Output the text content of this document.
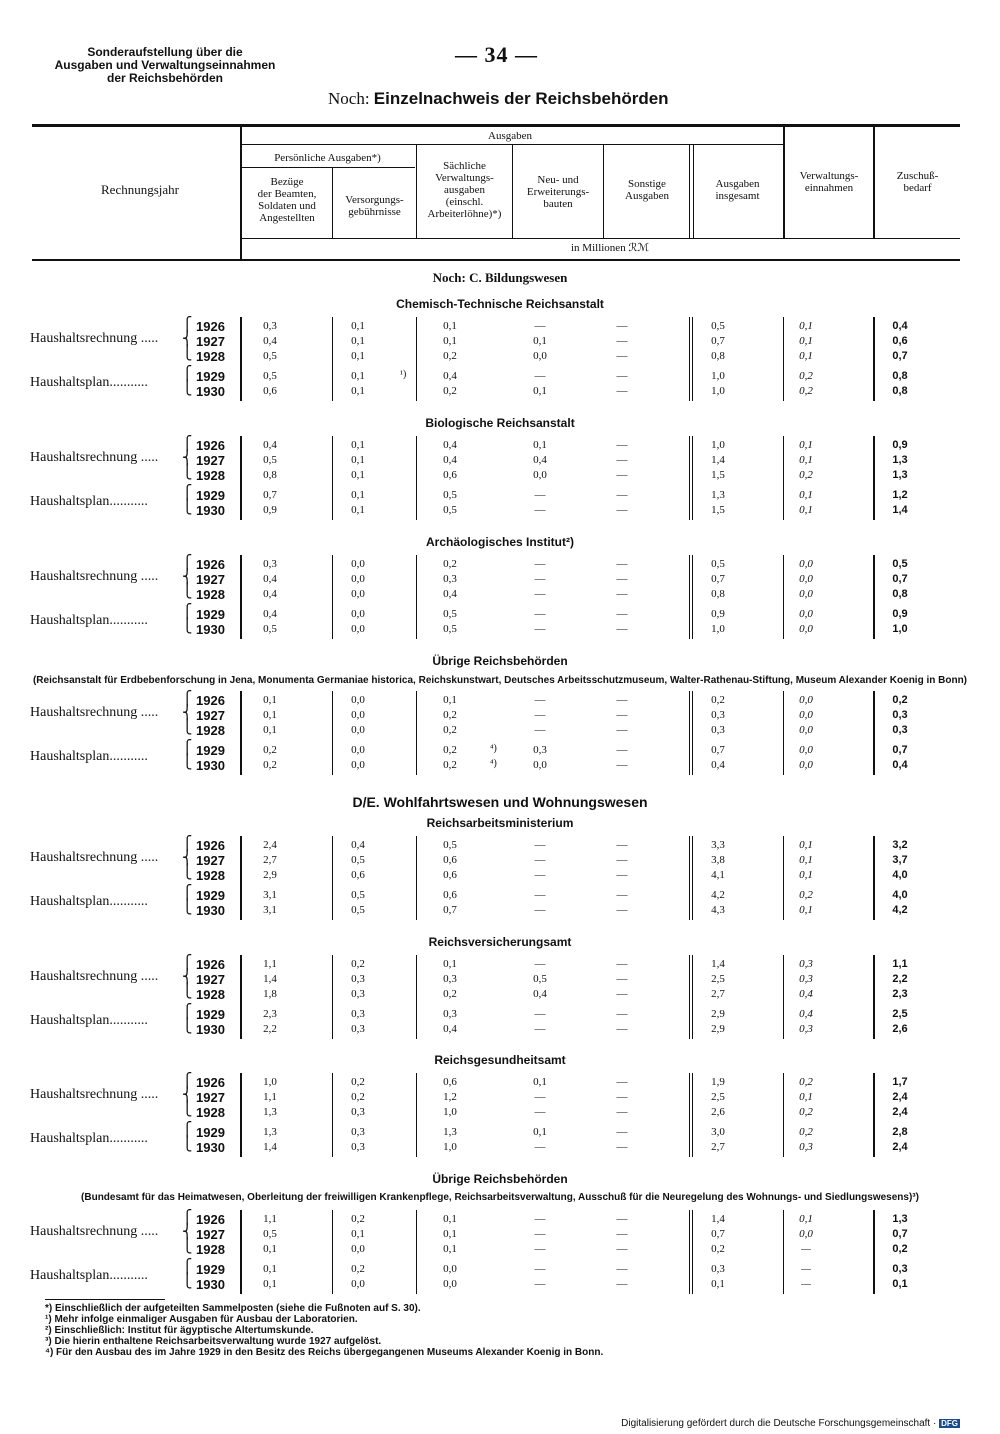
Sonderaufstellung über die
Ausgaben und Verwaltungseinnahmen
der Reichsbehörden
— 34 —
Noch: Einzelnachweis der Reichsbehörden
Rechnungsjahr
Ausgaben
Persönliche Ausgaben*)
Bezüge
der Beamten,
Soldaten und
Angestellten
Versorgungs-
gebührnisse
Sächliche
Verwaltungs-
ausgaben
(einschl.
Arbeiterlöhne)*)
Neu- und
Erweiterungs-
bauten
Sonstige
Ausgaben
Ausgaben
insgesamt
Verwaltungs-
einnahmen
Zuschuß-
bedarf
in Millionen ℛℳ
Noch: C. Bildungswesen
Chemisch-Technische Reichsanstalt
Haushaltsrechnung .....
Haushaltsplan...........
⎧
⎨
⎩
⎧
⎩
1926	0,3	0,1	0,1	—	—	0,5	0,1	0,4
1927	0,4	0,1	0,1	0,1	—	0,7	0,1	0,6
1928	0,5	0,1	0,2	0,0	—	0,8	0,1	0,7
1929	0,5	0,1	0,4	—	—	1,0	0,2	0,8
1930	0,6	0,1	0,2	0,1	—	1,0	0,2	0,8
¹)
Biologische Reichsanstalt
Haushaltsrechnung .....
Haushaltsplan...........
⎧
⎨
⎩
⎧
⎩
1926	0,4	0,1	0,4	0,1	—	1,0	0,1	0,9
1927	0,5	0,1	0,4	0,4	—	1,4	0,1	1,3
1928	0,8	0,1	0,6	0,0	—	1,5	0,2	1,3
1929	0,7	0,1	0,5	—	—	1,3	0,1	1,2
1930	0,9	0,1	0,5	—	—	1,5	0,1	1,4
Archäologisches Institut²)
Haushaltsrechnung .....
Haushaltsplan...........
⎧
⎨
⎩
⎧
⎩
1926	0,3	0,0	0,2	—	—	0,5	0,0	0,5
1927	0,4	0,0	0,3	—	—	0,7	0,0	0,7
1928	0,4	0,0	0,4	—	—	0,8	0,0	0,8
1929	0,4	0,0	0,5	—	—	0,9	0,0	0,9
1930	0,5	0,0	0,5	—	—	1,0	0,0	1,0
Übrige Reichsbehörden
(Reichsanstalt für Erdbebenforschung in Jena, Monumenta Germaniae historica, Reichskunstwart, Deutsches Arbeitsschutzmuseum, Walter-Rathenau-Stiftung, Museum Alexander Koenig in Bonn)
Haushaltsrechnung .....
Haushaltsplan...........
⎧
⎨
⎩
⎧
⎩
1926	0,1	0,0	0,1	—	—	0,2	0,0	0,2
1927	0,1	0,0	0,2	—	—	0,3	0,0	0,3
1928	0,1	0,0	0,2	—	—	0,3	0,0	0,3
1929	0,2	0,0	0,2	0,3	—	0,7	0,0	0,7
1930	0,2	0,0	0,2	0,0	—	0,4	0,0	0,4
⁴)
⁴)
D/E. Wohlfahrtswesen und Wohnungswesen
Reichsarbeitsministerium
Haushaltsrechnung .....
Haushaltsplan...........
⎧
⎨
⎩
⎧
⎩
1926	2,4	0,4	0,5	—	—	3,3	0,1	3,2
1927	2,7	0,5	0,6	—	—	3,8	0,1	3,7
1928	2,9	0,6	0,6	—	—	4,1	0,1	4,0
1929	3,1	0,5	0,6	—	—	4,2	0,2	4,0
1930	3,1	0,5	0,7	—	—	4,3	0,1	4,2
Reichsversicherungsamt
Haushaltsrechnung .....
Haushaltsplan...........
⎧
⎨
⎩
⎧
⎩
1926	1,1	0,2	0,1	—	—	1,4	0,3	1,1
1927	1,4	0,3	0,3	0,5	—	2,5	0,3	2,2
1928	1,8	0,3	0,2	0,4	—	2,7	0,4	2,3
1929	2,3	0,3	0,3	—	—	2,9	0,4	2,5
1930	2,2	0,3	0,4	—	—	2,9	0,3	2,6
Reichsgesundheitsamt
Haushaltsrechnung .....
Haushaltsplan...........
⎧
⎨
⎩
⎧
⎩
1926	1,0	0,2	0,6	0,1	—	1,9	0,2	1,7
1927	1,1	0,2	1,2	—	—	2,5	0,1	2,4
1928	1,3	0,3	1,0	—	—	2,6	0,2	2,4
1929	1,3	0,3	1,3	0,1	—	3,0	0,2	2,8
1930	1,4	0,3	1,0	—	—	2,7	0,3	2,4
Übrige Reichsbehörden
(Bundesamt für das Heimatwesen, Oberleitung der freiwilligen Krankenpflege, Reichsarbeitsverwaltung, Ausschuß für die Neuregelung des Wohnungs- und Siedlungswesens)³)
Haushaltsrechnung .....
Haushaltsplan...........
⎧
⎨
⎩
⎧
⎩
1926	1,1	0,2	0,1	—	—	1,4	0,1	1,3
1927	0,5	0,1	0,1	—	—	0,7	0,0	0,7
1928	0,1	0,0	0,1	—	—	0,2	—	0,2
1929	0,1	0,2	0,0	—	—	0,3	—	0,3
1930	0,1	0,0	0,0	—	—	0,1	—	0,1
*) Einschließlich der aufgeteilten Sammelposten (siehe die Fußnoten auf S. 30).
¹) Mehr infolge einmaliger Ausgaben für Ausbau der Laboratorien.
²) Einschließlich: Institut für ägyptische Altertumskunde.
³) Die hierin enthaltene Reichsarbeitsverwaltung wurde 1927 aufgelöst.
⁴) Für den Ausbau des im Jahre 1929 in den Besitz des Reichs übergegangenen Museums Alexander Koenig in Bonn.
Digitalisierung gefördert durch die Deutsche Forschungsgemeinschaft · DFG
